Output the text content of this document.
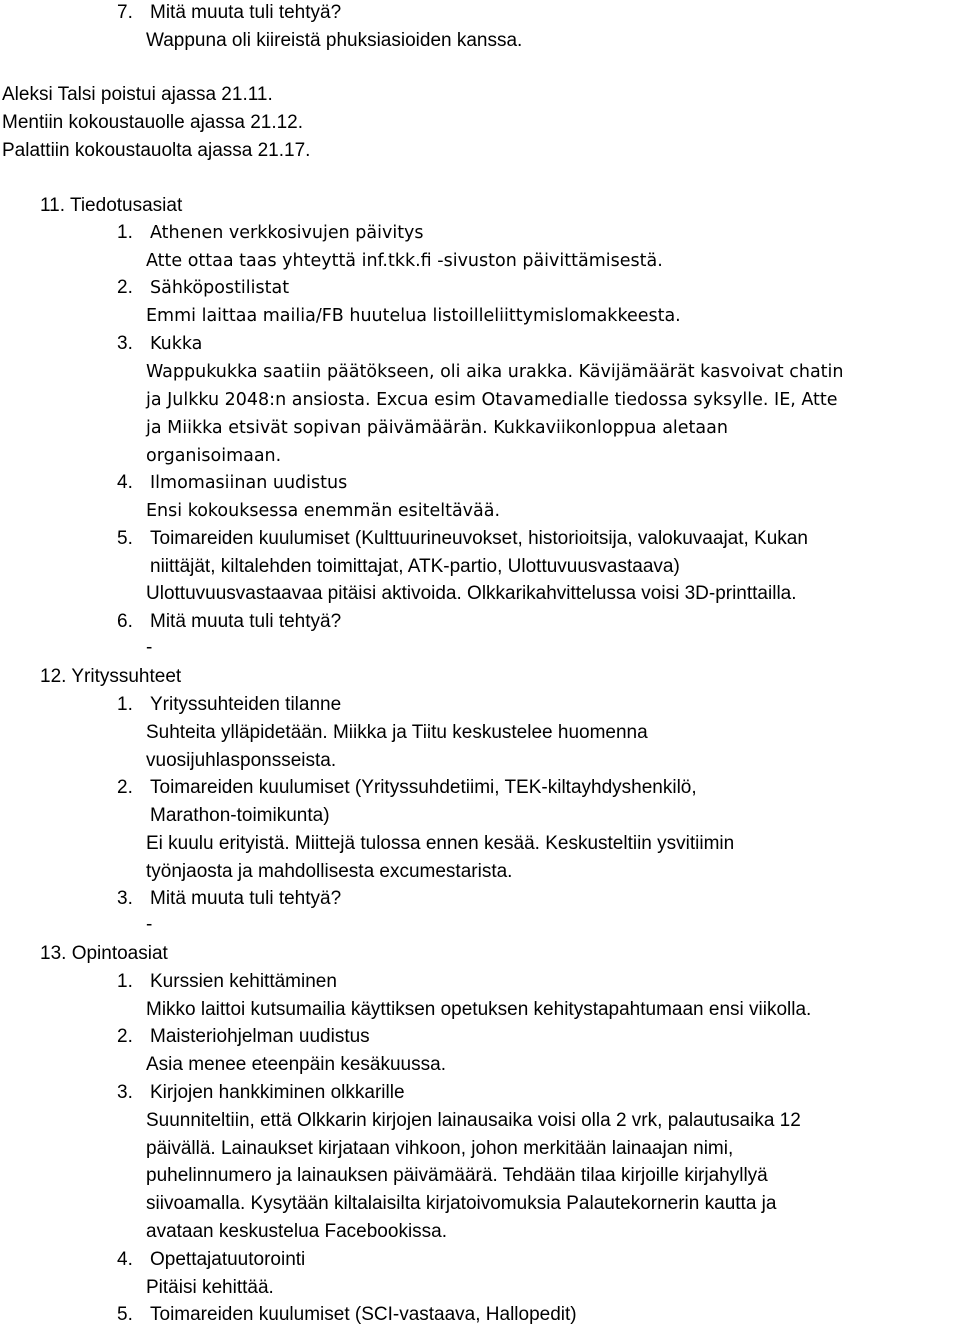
7. Mitä muuta tuli tehtyä?
Wappuna oli kiireistä phuksiasioiden kanssa.
Aleksi Talsi poistui ajassa 21.11.
Mentiin kokoustauolle ajassa 21.12.
Palattiin kokoustauolta ajassa 21.17.
11. Tiedotusasiat
1. Athenen verkkosivujen päivitys
Atte ottaa taas yhteyttä inf.tkk.fi -sivuston päivittämisestä.
2. Sähköpostilistat
Emmi laittaa mailia/FB huutelua listoilleliittymislomakkeesta.
3. Kukka
Wappukukka saatiin päätökseen, oli aika urakka. Kävijämäärät kasvoivat chatin
ja Julkku 2048:n ansiosta. Excua esim Otavamedialle tiedossa syksylle. IE, Atte
ja Miikka etsivät sopivan päivämäärän. Kukkaviikonloppua aletaan
organisoimaan.
4. Ilmomasiinan uudistus
Ensi kokouksessa enemmän esiteltävää.
5. Toimareiden kuulumiset (Kulttuurineuvokset, historioitsija, valokuvaajat, Kukan
niittäjät, kiltalehden toimittajat, ATK-partio, Ulottuvuusvastaava)
Ulottuvuusvastaavaa pitäisi aktivoida. Olkkarikahvittelussa voisi 3D-printtailla.
6. Mitä muuta tuli tehtyä?
-
12. Yrityssuhteet
1. Yrityssuhteiden tilanne
Suhteita ylläpidetään. Miikka ja Tiitu keskustelee huomenna
vuosijuhlasponsseista.
2. Toimareiden kuulumiset (Yrityssuhdetiimi, TEK-kiltayhdyshenkilö,
Marathon-toimikunta)
Ei kuulu erityistä. Miittejä tulossa ennen kesää. Keskusteltiin ysvitiimin
työnjaosta ja mahdollisesta excumestarista.
3. Mitä muuta tuli tehtyä?
-
13. Opintoasiat
1. Kurssien kehittäminen
Mikko laittoi kutsumailia käyttiksen opetuksen kehitystapahtumaan ensi viikolla.
2. Maisteriohjelman uudistus
Asia menee eteenpäin kesäkuussa.
3. Kirjojen hankkiminen olkkarille
Suunniteltiin, että Olkkarin kirjojen lainausaika voisi olla 2 vrk, palautusaika 12
päivällä. Lainaukset kirjataan vihkoon, johon merkitään lainaajan nimi,
puhelinnumero ja lainauksen päivämäärä. Tehdään tilaa kirjoille kirjahyllyä
siivoamalla. Kysytään kiltalaisilta kirjatoivomuksia Palautekornerin kautta ja
avataan keskustelua Facebookissa.
4. Opettajatuutorointi
Pitäisi kehittää.
5. Toimareiden kuulumiset (SCI-vastaava, Hallopedit)
